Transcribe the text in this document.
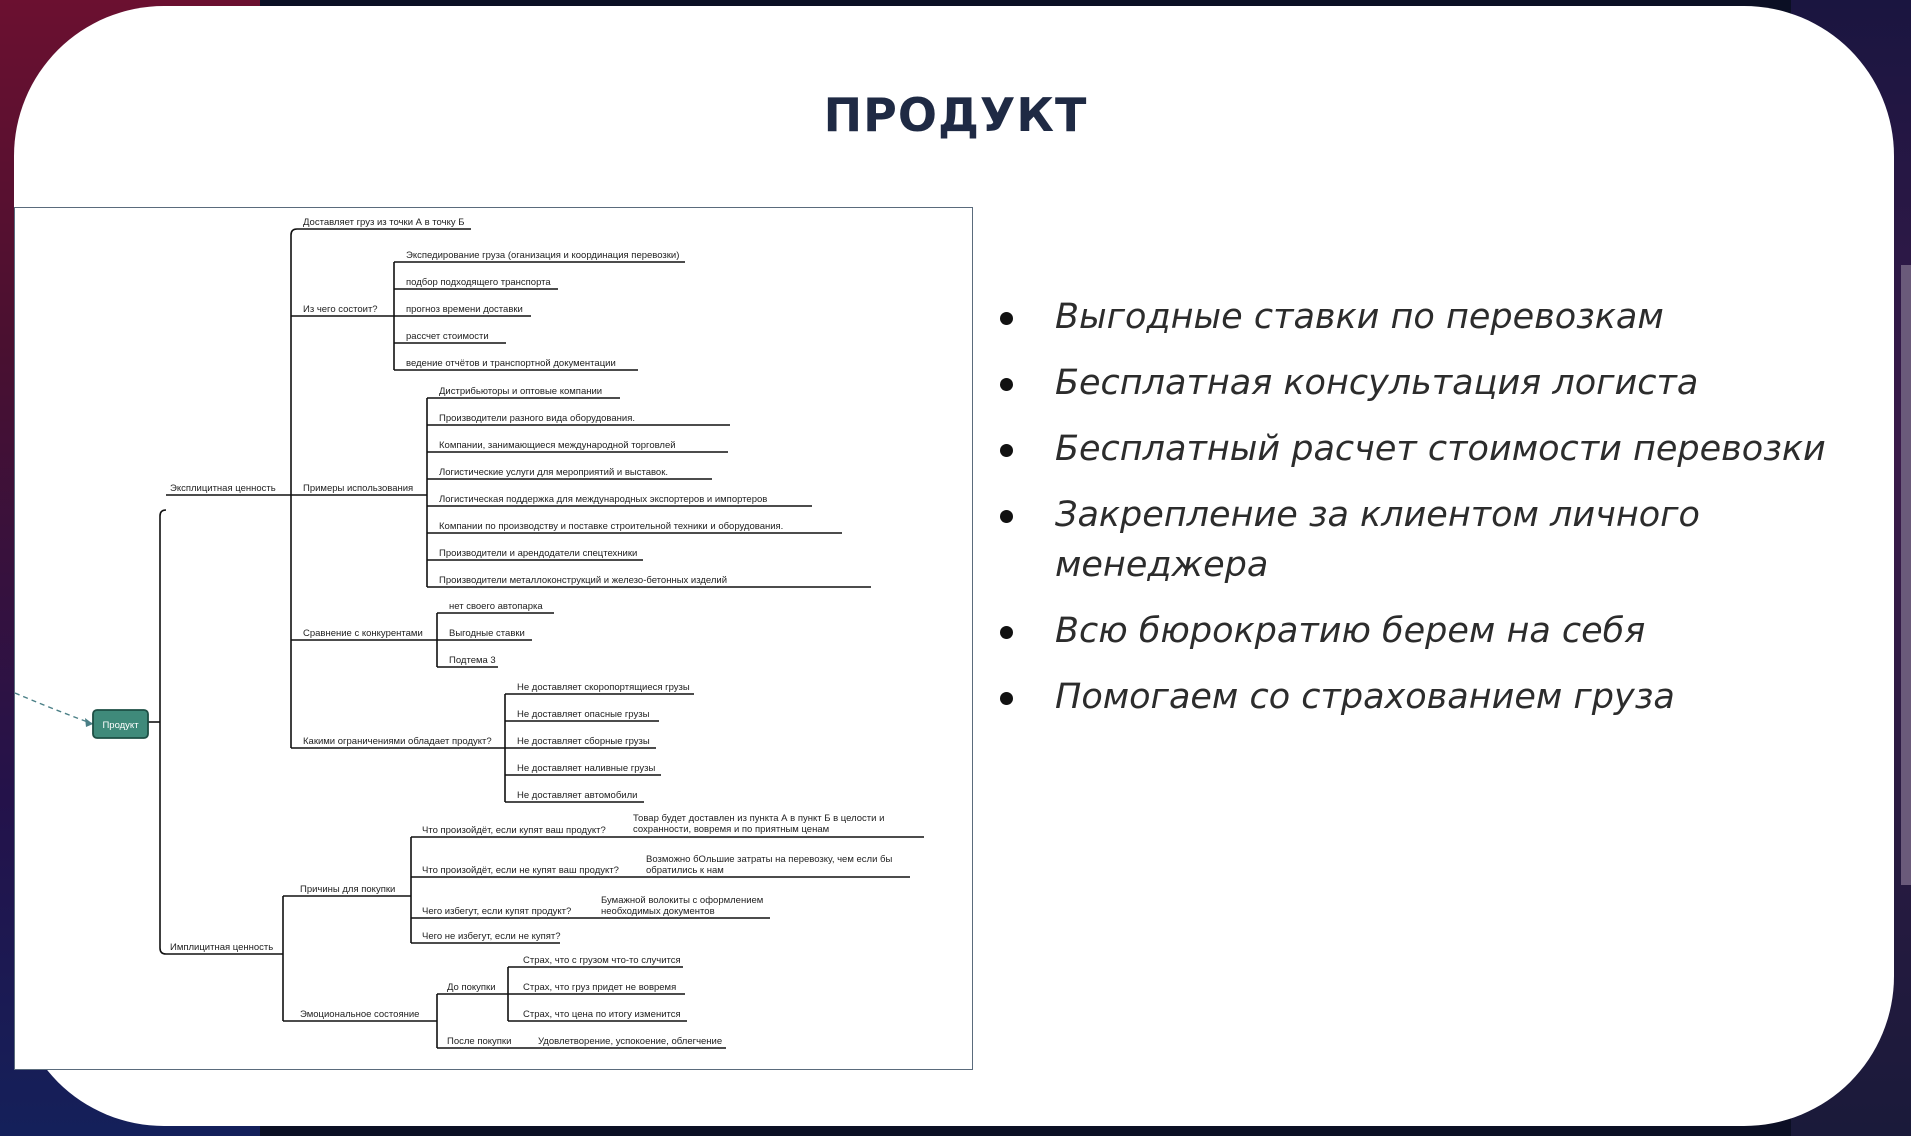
ПРОДУКТ
Продукт
Эксплицитная ценность
Имплицитная ценность
Доставляет груз из точки А в точку Б
Из чего состоит?
Примеры использования
Сравнение с конкурентами
Какими ограничениями обладает продукт?
Экспедирование груза (оганизация и координация перевозки)
подбор подходящего транспорта
прогноз времени доставки
рассчет стоимости
ведение отчётов и транспортной документации
Дистрибьюторы и оптовые компании
Производители разного вида оборудования.
Компании, занимающиеся международной торговлей
Логистические услуги для мероприятий и выставок.
Логистическая поддержка для международных экспортеров и импортеров
Компании по производству и поставке строительной техники и оборудования.
Производители и арендодатели спецтехники
Производители металлоконструкций и железо-бетонных изделий
нет своего автопарка
Выгодные ставки
Подтема 3
Не доставляет скоропортящиеся грузы
Не доставляет опасные грузы
Не доставляет сборные грузы
Не доставляет наливные грузы
Не доставляет автомобили
Причины для покупки
Эмоциональное состояние
Что произойдёт, если купят ваш продукт?
Товар будет доставлен из пункта А в пункт Б в целости и
сохранности, вовремя и по приятным ценам
Что произойдёт, если не купят ваш продукт?
Возможно бОльшие затраты на перевозку, чем если бы
обратились к нам
Чего избегут, если купят продукт?
Бумажной волокиты с оформлением
необходимых документов
Чего не избегут, если не купят?
До покупки
Страх, что с грузом что-то случится
Страх, что груз придет не вовремя
Страх, что цена по итогу изменится
После покупки	Удовлетворение, успокоение, облегчение
Выгодные ставки по перевозкам
Бесплатная консультация логиста
Бесплатный расчет стоимости перевозки
Закрепление за клиентом личного менеджера
Всю бюрократию берем на себя
Помогаем со страхованием груза
